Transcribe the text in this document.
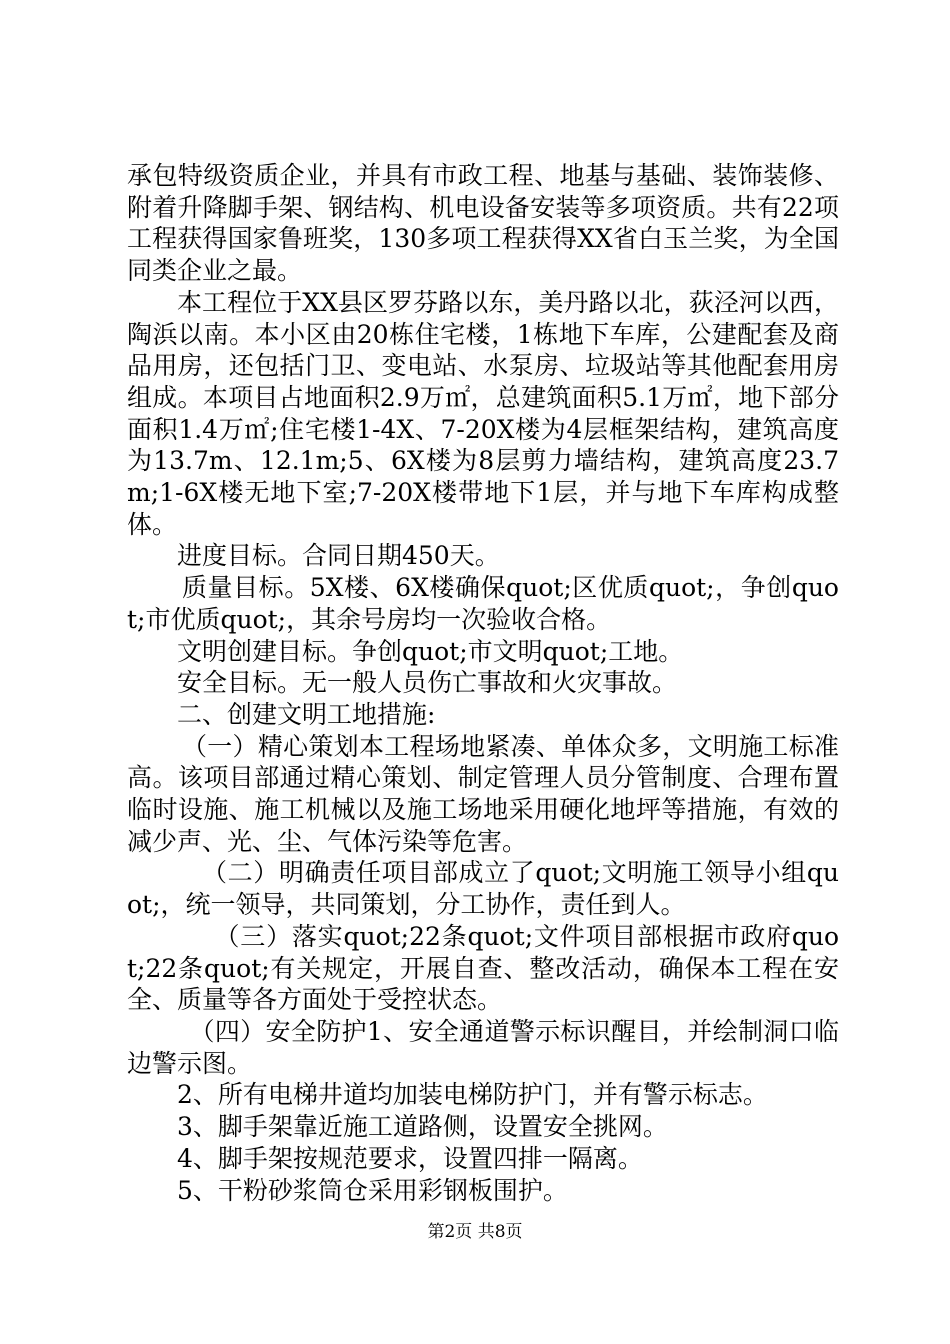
承包特级资质企业，并具有市政工程、地基与基础、装饰装修、附着升降脚手架、钢结构、机电设备安装等多项资质。共有22项工程获得国家鲁班奖，130多项工程获得XX省白玉兰奖，为全国同类企业之最。

本工程位于XX县区罗芬路以东，美丹路以北，荻泾河以西，陶浜以南。本小区由20栋住宅楼，1栋地下车库，公建配套及商品用房，还包括门卫、变电站、水泵房、垃圾站等其他配套用房组成。本项目占地面积2.9万㎡，总建筑面积5.1万㎡，地下部分面积1.4万㎡;住宅楼1-4X、7-20X楼为4层框架结构，建筑高度为13.7m、12.1m;5、6X楼为8层剪力墙结构，建筑高度23.7m;1-6X楼无地下室;7-20X楼带地下1层，并与地下车库构成整体。

进度目标。合同日期450天。

质量目标。5X楼、6X楼确保quot;区优质quot;，争创quot;市优质quot;，其余号房均一次验收合格。

文明创建目标。争创quot;市文明quot;工地。

安全目标。无一般人员伤亡事故和火灾事故。

二、创建文明工地措施:

（一）精心策划本工程场地紧凑、单体众多，文明施工标准高。该项目部通过精心策划、制定管理人员分管制度、合理布置临时设施、施工机械以及施工场地采用硬化地坪等措施，有效的减少声、光、尘、气体污染等危害。

（二）明确责任项目部成立了quot;文明施工领导小组quot;，统一领导，共同策划，分工协作，责任到人。

（三）落实quot;22条quot;文件项目部根据市政府quot;22条quot;有关规定，开展自查、整改活动，确保本工程在安全、质量等各方面处于受控状态。

（四）安全防护1、安全通道警示标识醒目，并绘制洞口临边警示图。

2、所有电梯井道均加装电梯防护门，并有警示标志。

3、脚手架靠近施工道路侧，设置安全挑网。

4、脚手架按规范要求，设置四排一隔离。

5、干粉砂浆筒仓采用彩钢板围护。

第2页 共8页
